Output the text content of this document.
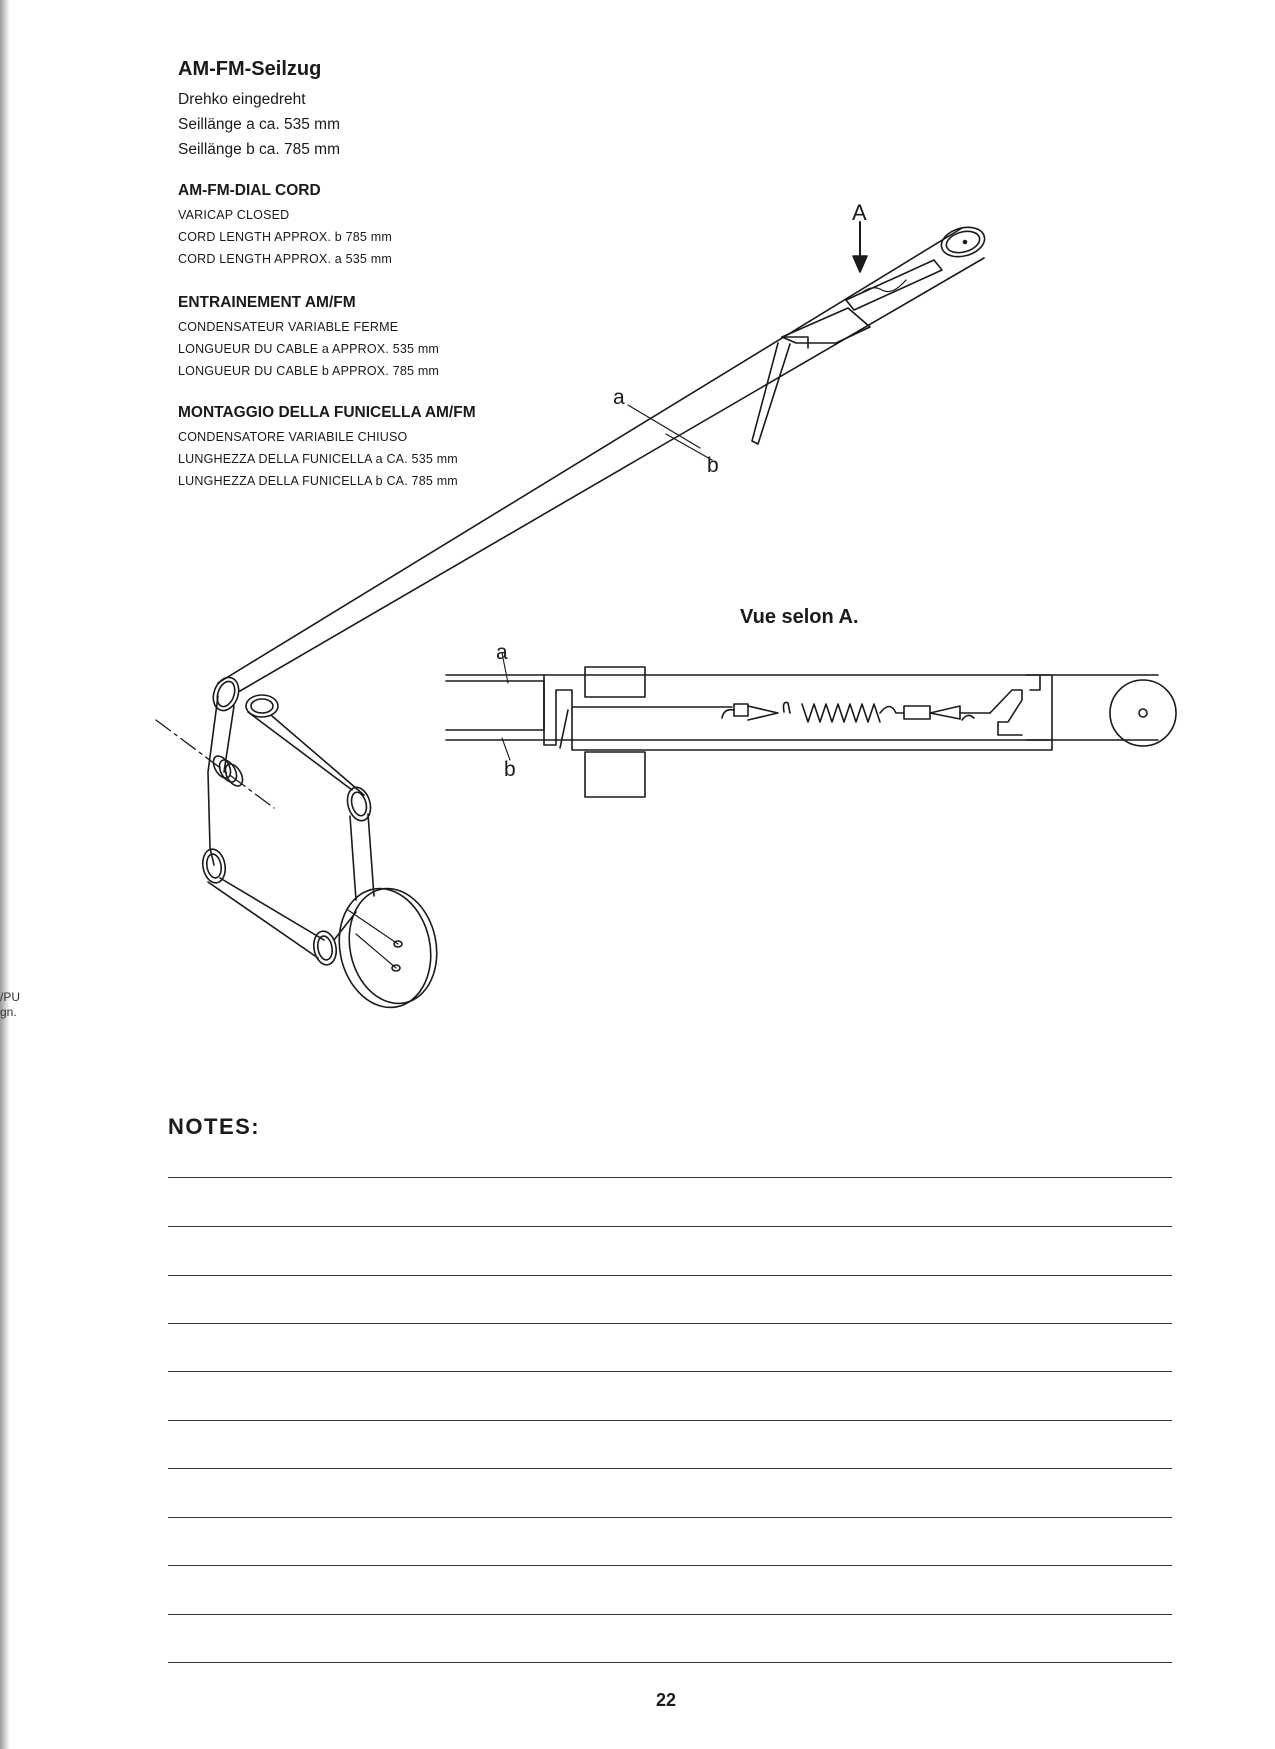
/PU
gn.
AM-FM-Seilzug
Drehko eingedreht
Seillänge a ca. 535 mm
Seillänge b ca. 785 mm
AM-FM-DIAL CORD
VARICAP CLOSED
CORD LENGTH APPROX. b 785 mm
CORD LENGTH APPROX. a 535 mm
ENTRAINEMENT AM/FM
CONDENSATEUR VARIABLE FERME
LONGUEUR DU CABLE a APPROX. 535 mm
LONGUEUR DU CABLE b APPROX. 785 mm
MONTAGGIO DELLA FUNICELLA AM/FM
CONDENSATORE VARIABILE CHIUSO
LUNGHEZZA DELLA FUNICELLA a CA. 535 mm
LUNGHEZZA DELLA FUNICELLA b CA. 785 mm
A
a
b
a
b
Vue selon A.
NOTES:
22
